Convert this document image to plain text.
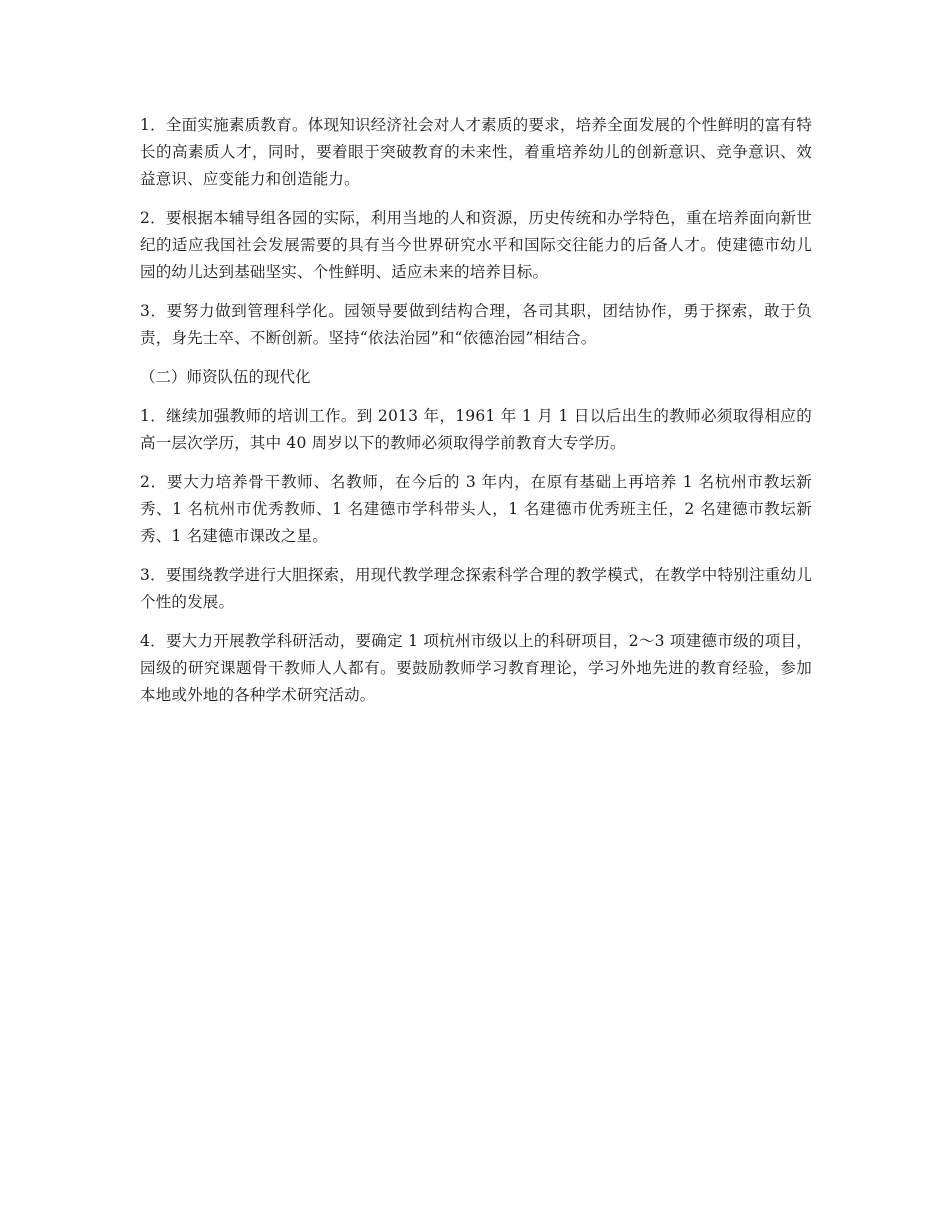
1．全面实施素质教育。体现知识经济社会对人才素质的要求，培养全面发展的个性鲜明的富有特长的高素质人才，同时，要着眼于突破教育的未来性，着重培养幼儿的创新意识、竞争意识、效益意识、应变能力和创造能力。

2．要根据本辅导组各园的实际，利用当地的人和资源，历史传统和办学特色，重在培养面向新世纪的适应我国社会发展需要的具有当今世界研究水平和国际交往能力的后备人才。使建德市幼儿园的幼儿达到基础坚实、个性鲜明、适应未来的培养目标。

3．要努力做到管理科学化。园领导要做到结构合理，各司其职，团结协作，勇于探索，敢于负责，身先士卒、不断创新。坚持“依法治园”和“依德治园”相结合。

（二）师资队伍的现代化

1．继续加强教师的培训工作。到 2013 年，1961 年 1 月 1 日以后出生的教师必须取得相应的高一层次学历，其中 40 周岁以下的教师必须取得学前教育大专学历。

2．要大力培养骨干教师、名教师，在今后的 3 年内，在原有基础上再培养 1 名杭州市教坛新秀、1 名杭州市优秀教师、1 名建德市学科带头人，1 名建德市优秀班主任，2 名建德市教坛新秀、1 名建德市课改之星。

3．要围绕教学进行大胆探索，用现代教学理念探索科学合理的教学模式，在教学中特别注重幼儿个性的发展。

4．要大力开展教学科研活动，要确定 1 项杭州市级以上的科研项目，2～3 项建德市级的项目，园级的研究课题骨干教师人人都有。要鼓励教师学习教育理论，学习外地先进的教育经验，参加本地或外地的各种学术研究活动。
